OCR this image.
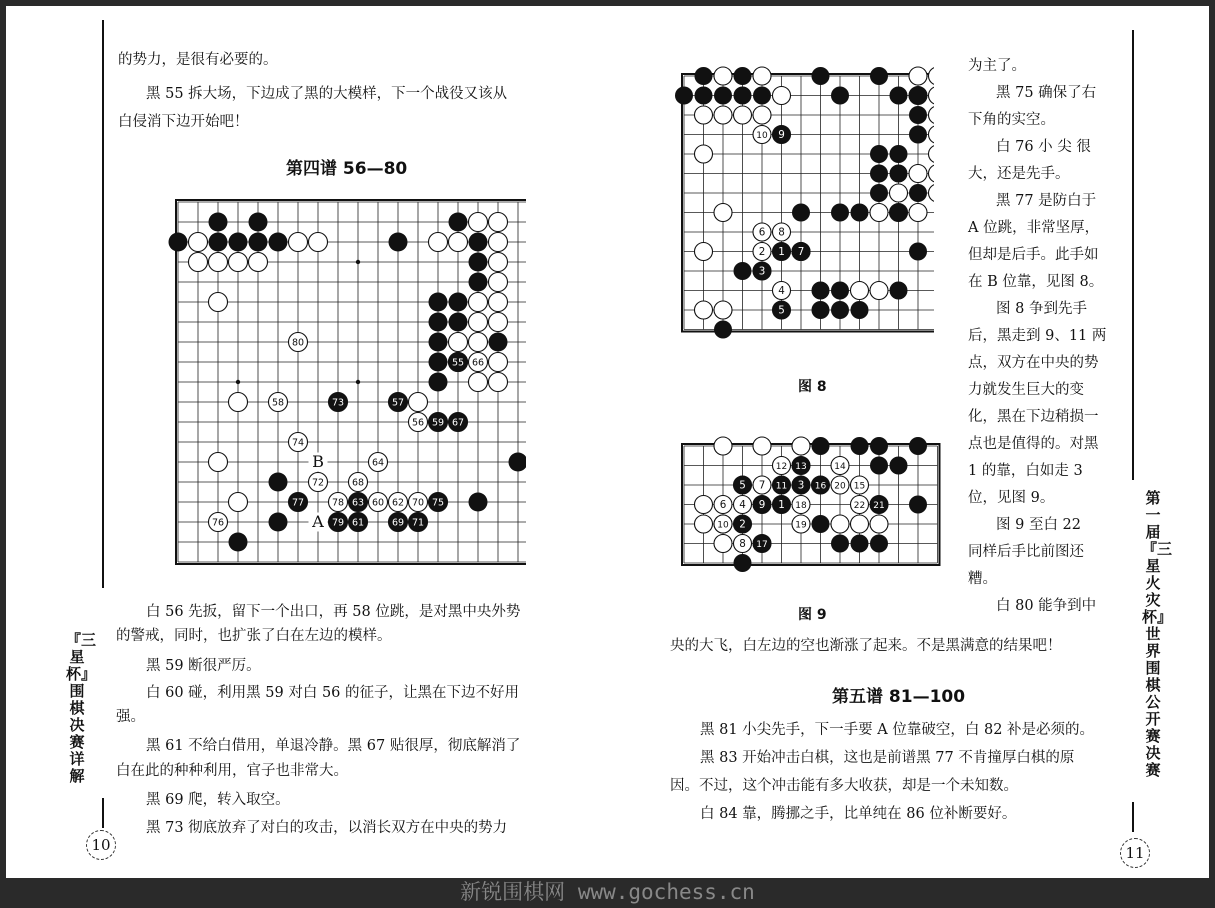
『三星杯』围棋决赛详解
10
的势力，是很有必要的。
黑 55 拆大场，下边成了黑的大模样，下一个战役又该从
白侵消下边开始吧！
第四谱 56—80
80
55 66
58	73	57
56 59 67
74
64
72	68
77	78 63 60 62 70 75
76	79 61	69 71
B
A
白 56 先扳，留下一个出口，再 58 位跳，是对黑中央外势
的警戒，同时，也扩张了白在左边的模样。
黑 59 断很严厉。
白 60 碰，利用黑 59 对白 56 的征子，让黑在下边不好用
强。
黑 61 不给白借用，单退冷静。黑 67 贴很厚，彻底解消了
白在此的种种利用，官子也非常大。
黑 69 爬，转入取空。
黑 73 彻底放弃了对白的攻击，以消长双方在中央的势力
10 9
6 8
2 1 7
3
4
5
图 8
12 13	14
5 7 11 3 16 20 15
6 4 9 1 18	22 21
10 2	19
8 17
图 9
为主了。
黑 75 确保了右
下角的实空。
白 76 小 尖 很
大，还是先手。
黑 77 是防白于
A 位跳，非常坚厚，
但却是后手。此手如
在 B 位靠，见图 8。
图 8 争到先手
后，黑走到 9、11 两
点，双方在中央的势
力就发生巨大的变
化，黑在下边稍损一
点也是值得的。对黑
1 的靠，白如走 3
位，见图 9。
图 9 至白 22
同样后手比前图还
糟。
白 80 能争到中
央的大飞，白左边的空也渐涨了起来。不是黑满意的结果吧！
第五谱 81—100
黑 81 小尖先手，下一手要 A 位靠破空，白 82 补是必须的。
黑 83 开始冲击白棋，这也是前谱黑 77 不肯撞厚白棋的原
因。不过，这个冲击能有多大收获，却是一个未知数。
白 84 靠，腾挪之手，比单纯在 86 位补断要好。
第一届『三星火灾杯』世界围棋公开赛决赛
11
新锐围棋网 www.gochess.cn
